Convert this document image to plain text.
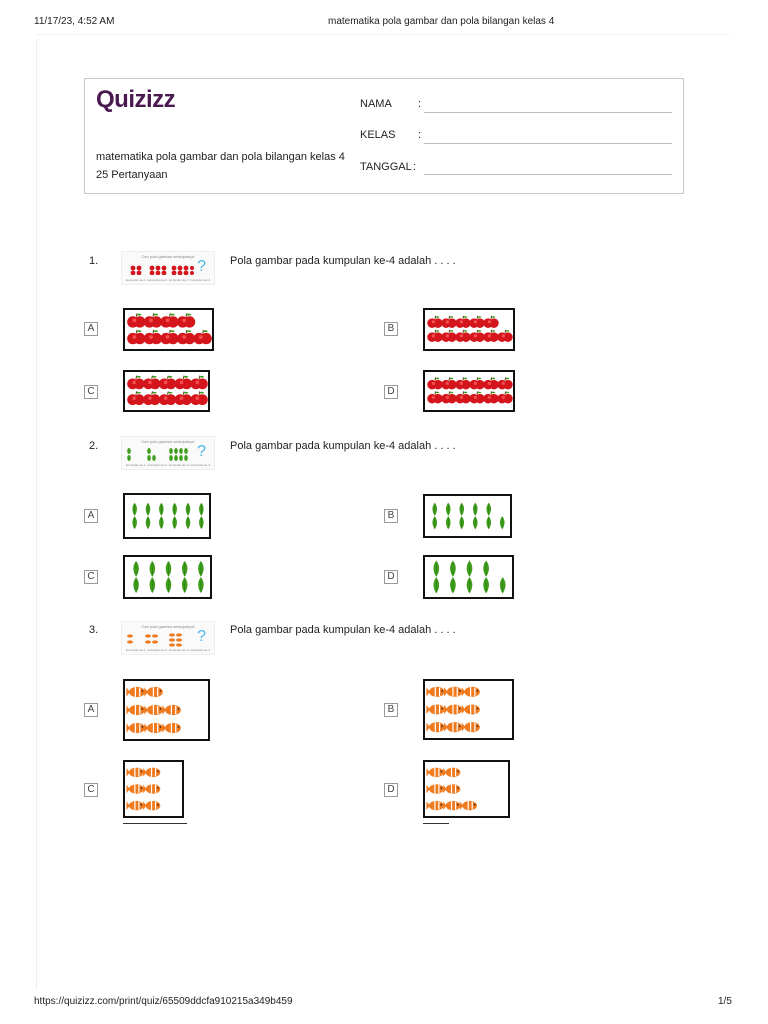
11/17/23, 4:52 AM	matematika pola gambar dan pola bilangan kelas 4
Quizizz	NAMA :
KELAS :
TANGGAL :
matematika pola gambar dan pola bilangan kelas 4
25 Pertanyaan
1.	Cari pola gambar selanjutnya!
?
kumpulan ke-1 kumpulan ke-2 kumpulan ke-3 kumpulan ke-4
Pola gambar pada kumpulan ke-4 adalah . . . .
A	B
C	D
2.	Cari pola gambar selanjutnya!
?
kumpulan ke-1 kumpulan ke-2 kumpulan ke-3 kumpulan ke-4
Pola gambar pada kumpulan ke-4 adalah . . . .
A	B
C	D
3.	Cari pola gambar selanjutnya!
?
kumpulan ke-1 kumpulan ke-2 kumpulan ke-3 kumpulan ke-4
Pola gambar pada kumpulan ke-4 adalah . . . .
A	B
C	D
https://quizizz.com/print/quiz/65509ddcfa910215a349b459	1/5
